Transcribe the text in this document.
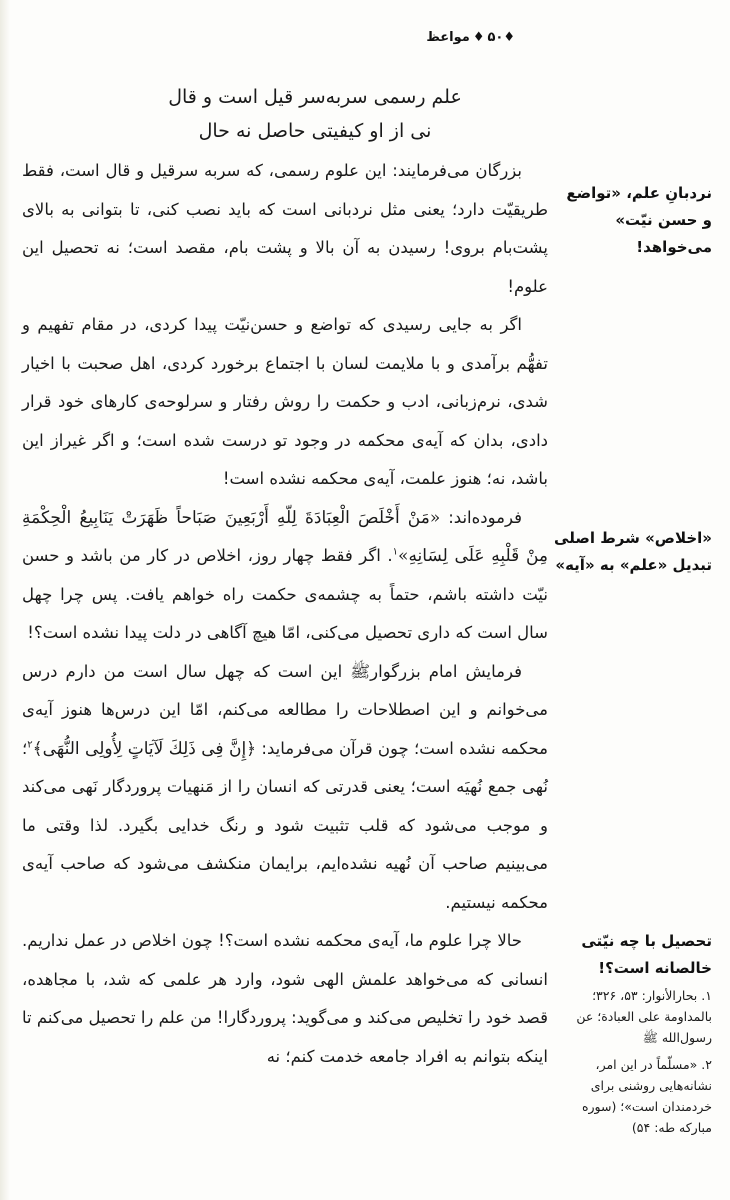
♦۵۰♦مواعظ
علم رسمی سربه‌سر قیل است و قال
نی از او کیفیتی حاصل نه حال

بزرگان می‌فرمایند: این علوم رسمی، که سربه سرقیل و قال است، فقط طریقیّت دارد؛ یعنی مثل نردبانی است که باید نصب کنی، تا بتوانی به بالای پشت‌بام بروی! رسیدن به آن بالا و پشت بام، مقصد است؛ نه تحصیل این علوم!

اگر به جایی رسیدی که تواضع و حسن‌نیّت پیدا کردی، در مقام تفهیم و تفهُّم برآمدی و با ملایمت لسان با اجتماع برخورد کردی، اهل صحبت با اخیار شدی، نرم‌زبانی، ادب و حکمت را روش رفتار و سرلوحه‌ی کارهای خود قرار دادی، بدان که آیه‌ی محکمه در وجود تو درست شده است؛ و اگر غیراز این باشد، نه؛ هنوز علمت، آیه‌ی محکمه نشده است!

فرموده‌اند: «مَنْ أَخْلَصَ الْعِبَادَةَ لِلّهِ أَرْبَعِینَ صَبَاحاً ظَهَرَتْ یَنَابِیعُ الْحِکْمَةِ مِنْ قَلْبِهِ عَلَی لِسَانِهِ»$^۱$. اگر فقط چهار روز، اخلاص در کار من باشد و حسن نیّت داشته باشم، حتماً به چشمه‌ی حکمت راه خواهم یافت. پس چرا چهل سال است که داری تحصیل می‌کنی، امّا هیچ آگاهی در دلت پیدا نشده است؟!

فرمایش امام بزرگوارﷺ این است که چهل سال است من دارم درس می‌خوانم و این اصطلاحات را مطالعه می‌کنم، امّا این درس‌ها هنوز آیه‌ی محکمه نشده است؛ چون قرآن می‌فرماید: ﴿إِنَّ فِی ذَلِكَ لَآیَاتٍ لِأُولِی النُّهَی﴾$^۲$؛ نُهی جمع نُهیَه است؛ یعنی قدرتی که انسان را از مَنهیات پروردگار نَهی می‌کند و موجب می‌شود که قلب تثبیت شود و رنگ خدایی بگیرد. لذا وقتی ما می‌بینیم صاحب آن نُهیه نشده‌ایم، برایمان منکشف می‌شود که صاحب آیه‌ی محکمه نیستیم.

حالا چرا علوم ما، آیه‌ی محکمه نشده است؟! چون اخلاص در عمل نداریم. انسانی که می‌خواهد علمش الهی شود، وارد هر علمی که شد، با مجاهده، قصد خود را تخلیص می‌کند و می‌گوید: پروردگارا! من علم را تحصیل می‌کنم تا اینکه بتوانم به افراد جامعه خدمت کنم؛ نه

نردبانِ علم، «تواضع و حسن نیّت» می‌خواهد!
«اخلاص» شرط اصلی تبدیل «علم» به «آیه»
تحصیل با چه نیّتی خالصانه است؟!
۱.بحارالأنوار: ۵۳، ۳۲۶؛ بالمداومة علی العبادة؛ عن رسول‌الله ﷺ
۲.«مسلّماً در این امر، نشانه‌هایی روشنی برای خردمندان است»؛ (سوره مبارکه طه: ۵۴)
